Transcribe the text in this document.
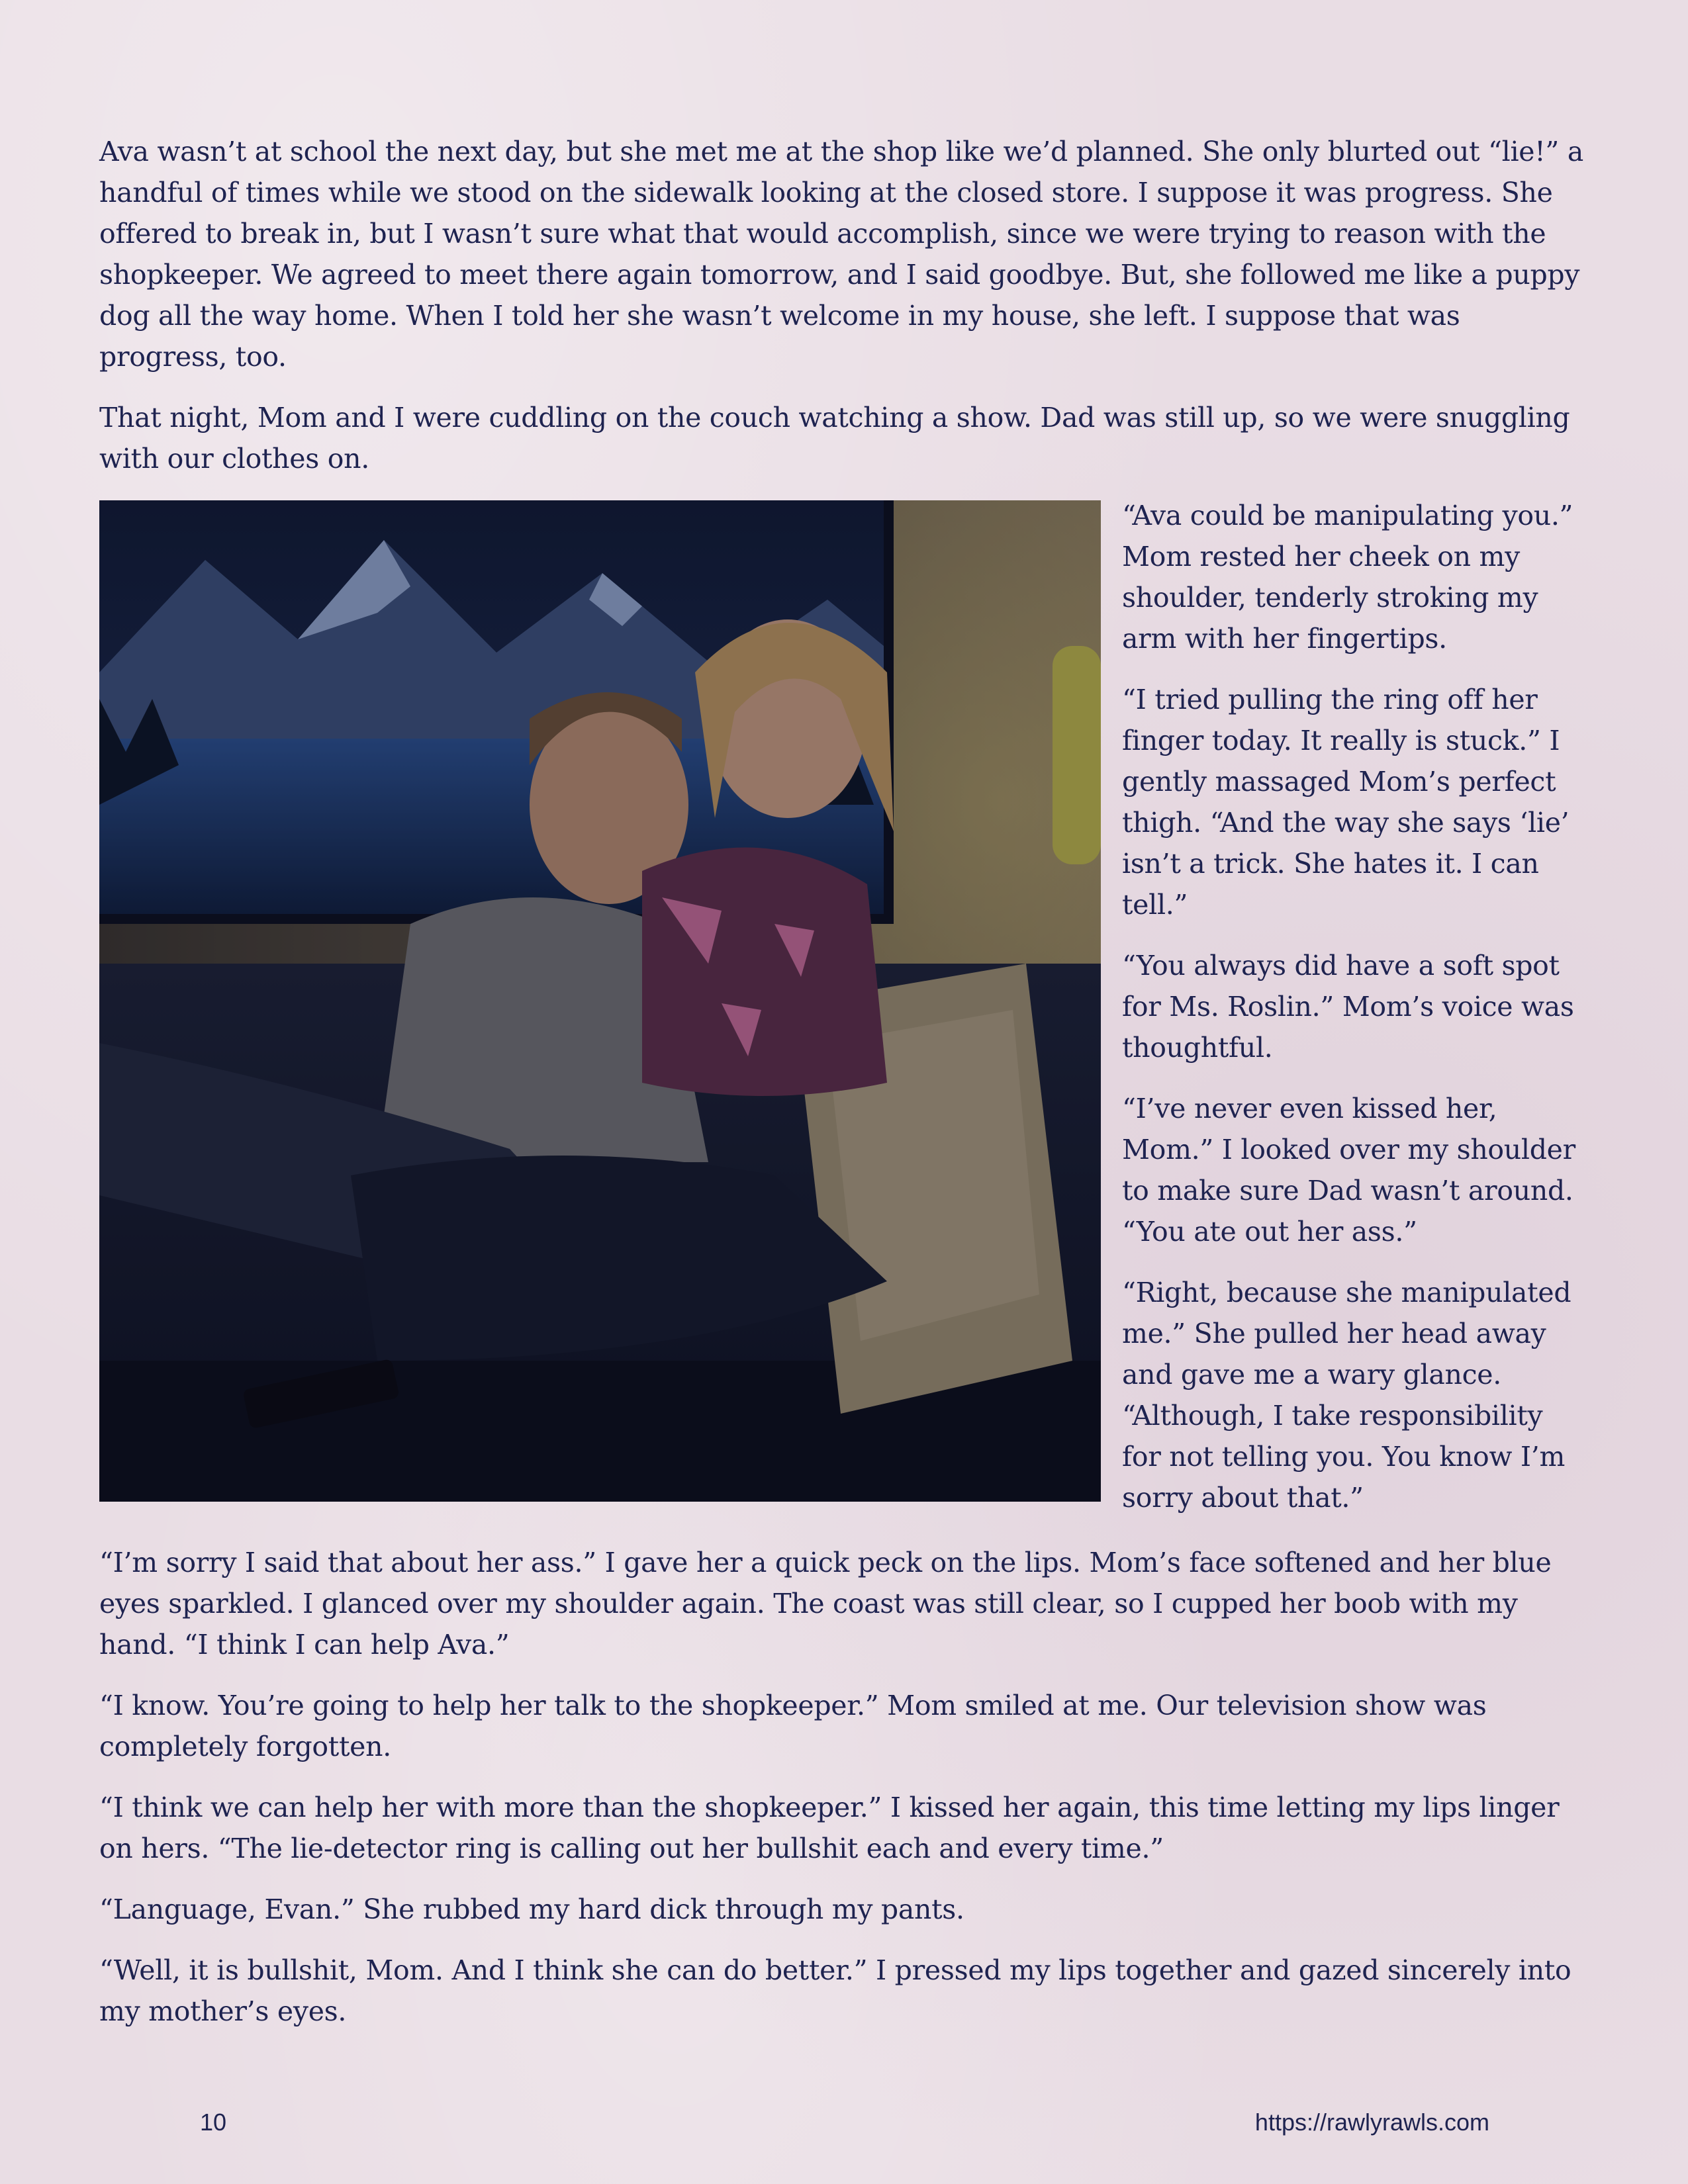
Ava wasn’t at school the next day, but she met me at the shop like we’d planned. She only blurted out “lie!” a handful of times while we stood on the sidewalk looking at the closed store. I suppose it was progress. She offered to break in, but I wasn’t sure what that would accomplish, since we were trying to reason with the shopkeeper. We agreed to meet there again tomorrow, and I said goodbye. But, she followed me like a puppy dog all the way home. When I told her she wasn’t welcome in my house, she left. I suppose that was progress, too.

That night, Mom and I were cuddling on the couch watching a show. Dad was still up, so we were snuggling with our clothes on.

“Ava could be manipulating you.” Mom rested her cheek on my shoulder, tenderly stroking my arm with her fingertips.

“I tried pulling the ring off her finger today. It really is stuck.” I gently massaged Mom’s perfect thigh. “And the way she says ‘lie’ isn’t a trick. She hates it. I can tell.”

“You always did have a soft spot for Ms. Roslin.” Mom’s voice was thoughtful.

“I’ve never even kissed her, Mom.” I looked over my shoulder to make sure Dad wasn’t around. “You ate out her ass.”

“Right, because she manipulated me.” She pulled her head away and gave me a wary glance. “Although, I take responsibility for not telling you. You know I’m sorry about that.”

“I’m sorry I said that about her ass.” I gave her a quick peck on the lips. Mom’s face softened and her blue eyes sparkled. I glanced over my shoulder again. The coast was still clear, so I cupped her boob with my hand. “I think I can help Ava.”

“I know. You’re going to help her talk to the shopkeeper.” Mom smiled at me. Our television show was completely forgotten.

“I think we can help her with more than the shopkeeper.” I kissed her again, this time letting my lips linger on hers. “The lie-detector ring is calling out her bullshit each and every time.”

“Language, Evan.” She rubbed my hard dick through my pants.

“Well, it is bullshit, Mom. And I think she can do better.” I pressed my lips together and gazed sincerely into my mother’s eyes.

10	https://rawlyrawls.com
